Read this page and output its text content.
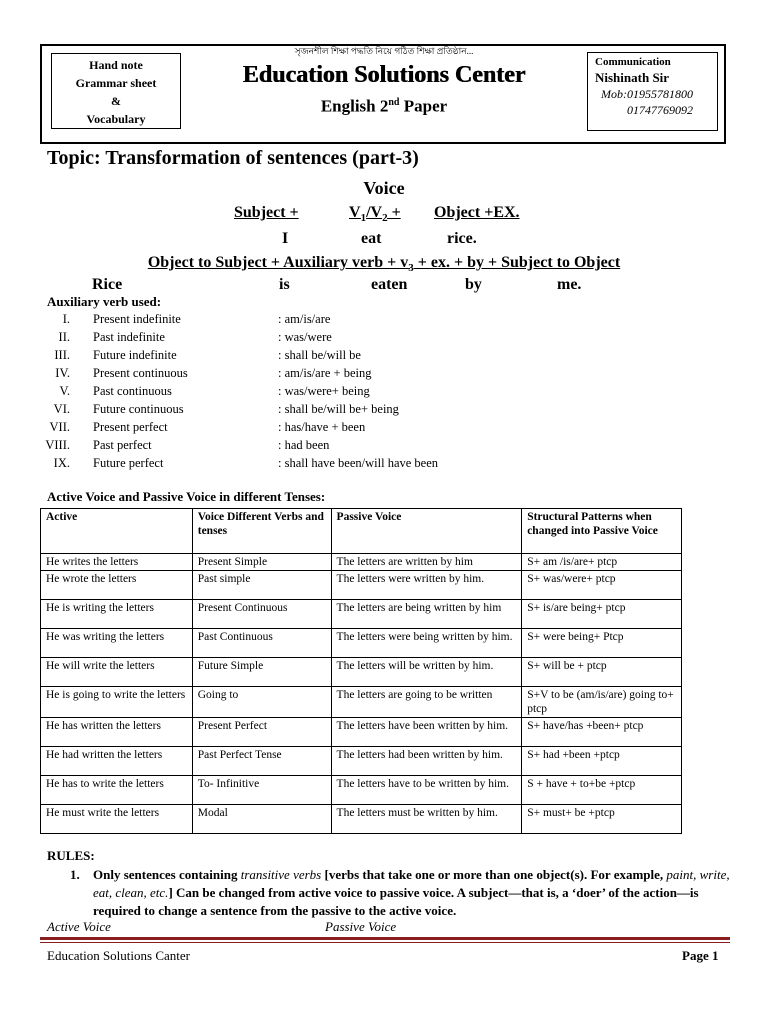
Hand note
Grammar sheet
&
Vocabulary
সৃজনশীল শিক্ষা পদ্ধতি নিয়ে গঠিত শিক্ষা প্রতিষ্ঠান...
Education Solutions Center
English 2nd Paper
Communication
Nishinath Sir
Mob:01955781800
01747769092
Topic: Transformation of sentences (part-3)
Voice
Subject +	$V_1/V_2$ + Object +EX.
I	eat	rice.
Object to Subject + Auxiliary verb + $v_3$ + ex. + by + Subject to Object
Rice	is	eaten	by	me.
Auxiliary verb used:
I. Present indefinite	: am/is/are
II. Past indefinite	: was/were
III. Future indefinite	: shall be/will be
IV. Present continuous	: am/is/are + being
V. Past continuous	: was/were+ being
VI. Future continuous	: shall be/will be+ being
VII. Present perfect	: has/have + been
VIII. Past perfect	: had been
IX. Future perfect	: shall have been/will have been
Active Voice and Passive Voice in different Tenses:
Active	Voice Different Verbs and tenses	Passive Voice	Structural Patterns when changed into Passive Voice
He writes the letters	Present Simple	The letters are written by him	S+ am /is/are+ ptcp
He wrote the letters	Past simple	The letters were written by him.	S+ was/were+ ptcp
He is writing the letters	Present Continuous	The letters are being written by him	S+ is/are being+ ptcp
He was writing the letters	Past Continuous	The letters were being written by him.	S+ were being+ Ptcp
He will write the letters	Future Simple	The letters will be written by him.	S+ will be + ptcp
He is going to write the letters	Going to	The letters are going to be written	S+V to be (am/is/are) going to+ ptcp
He has written the letters	Present Perfect	The letters have been written by him.	S+ have/has +been+ ptcp
He had written the letters	Past Perfect Tense	The letters had been written by him.	S+ had +been +ptcp
He has to write the letters	To- Infinitive	The letters have to be written by him.	S + have + to+be +ptcp
He must write the letters	Modal	The letters must be written by him.	S+ must+ be +ptcp
RULES:
1.	Only sentences containing transitive verbs [verbs that take one or more than one object(s). For example, paint, write, eat, clean, etc.] Can be changed from active voice to passive voice. A subject—that is, a ‘doer’ of the action—is required to change a sentence from the passive to the active voice.
Active Voice	Passive Voice
Education Solutions Canter	Page 1
